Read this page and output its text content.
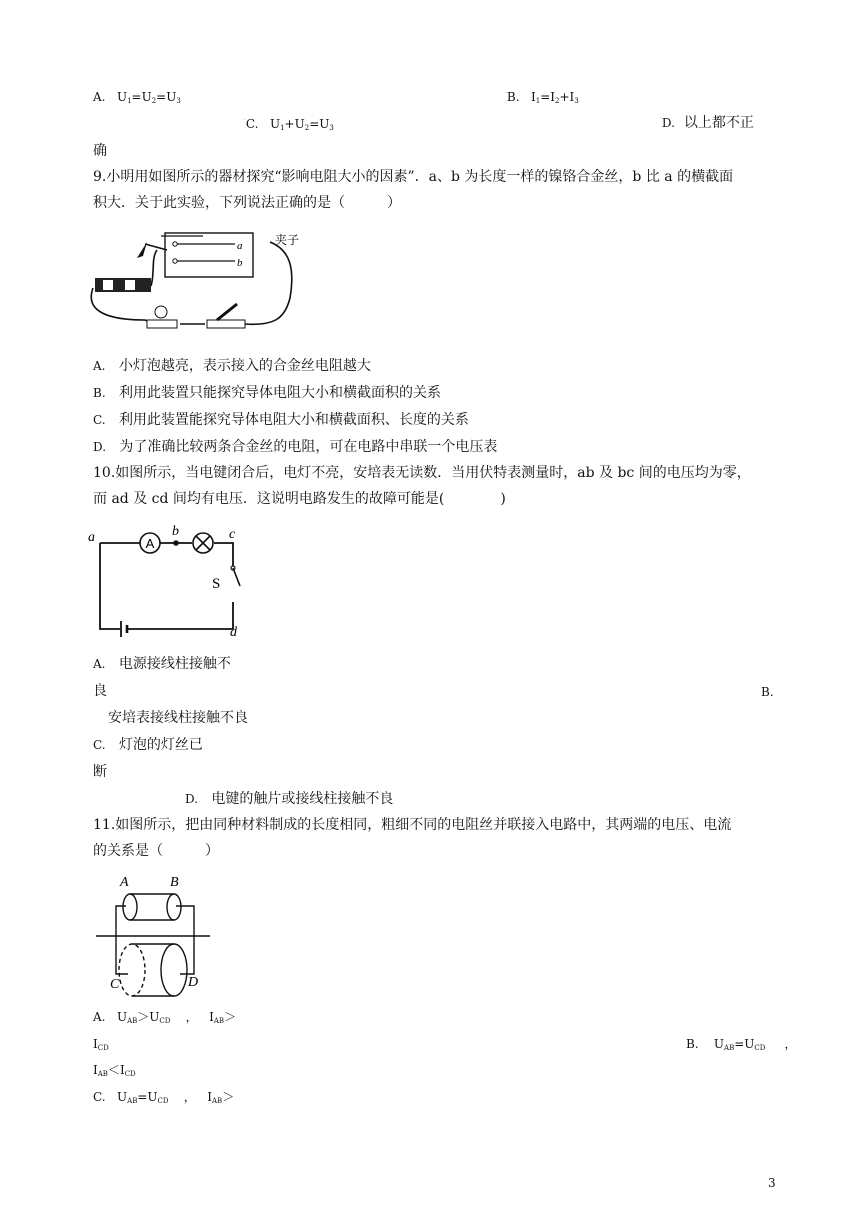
A. $U_1=U_2=U_3$
·B. $I_1=I_2+I_3$
·C. $U_1+U_2=U_3$
·D. 以上都不正
确
9.小明用如图所示的器材探究“影响电阻大小的因素”．a、b 为长度一样的镍铬合金丝，b 比 a 的横截面
积大．关于此实验，下列说法正确的是（　　　）
a
b
夹子
A. 小灯泡越亮，表示接入的合金丝电阻越大
B. 利用此装置只能探究导体电阻大小和横截面积的关系
C. 利用此装置能探究导体电阻大小和横截面积、长度的关系
D. 为了准确比较两条合金丝的电阻，可在电路中串联一个电压表
10.如图所示，当电键闭合后，电灯不亮，安培表无读数．当用伏特表测量时，ab 及 bc 间的电压均为零，
而 ad 及 cd 间均有电压．这说明电路发生的故障可能是(　　　　)
A
a	b	c
d
S
A. 电源接线柱接触不
良	B.
安培表接线柱接触不良
C. 灯泡的灯丝已
断
D. 电键的触片或接线柱接触不良
11.如图所示，把由同种材料制成的长度相同，粗细不同的电阻丝并联接入电路中，其两端的电压、电流
的关系是（　　　）
A	B
C	D
A. $U_{AB}>U_{CD}$ ， $I_{AB}>$
$I_{CD}$	B. $U_{AB}=U_{CD}$ ，
$I_{AB}<I_{CD}$
C. $U_{AB}=U_{CD}$ ， $I_{AB}>$
3
